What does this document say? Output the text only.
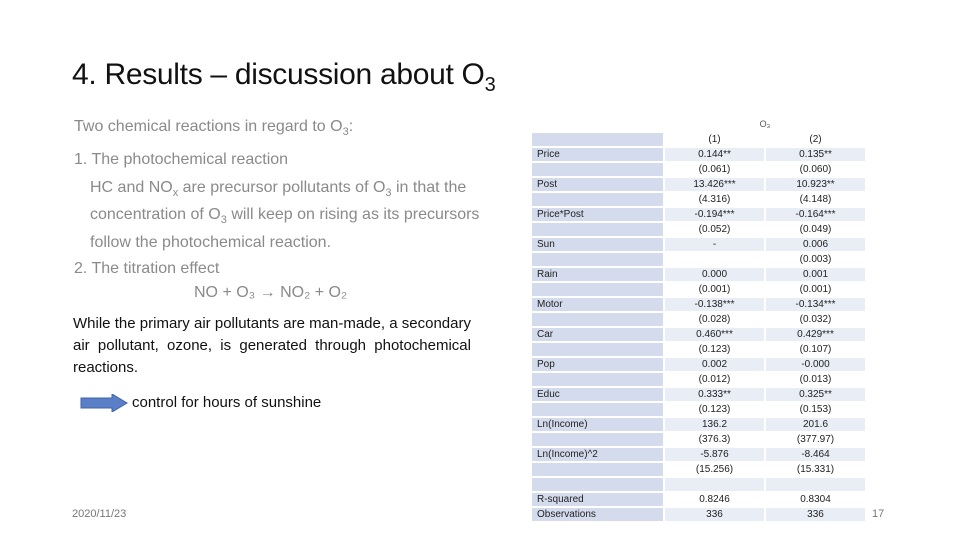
4. Results – discussion about $O_3$

Two chemical reactions in regard to $O_3$:

1. The photochemical reaction

HC and $NO_x$ are precursor pollutants of $O_3$ in that the concentration of $O_3$ will keep on rising as its precursors follow the photochemical reaction.

2. The titration effect

NO + O₃ → NO₂ + O₂

While the primary air pollutants are man-made, a secondary air pollutant, ozone, is generated through photochemical reactions.
control for hours of sunshine
2020/11/23	17
	O₃	
	(1)	(2)
Price	0.144**	0.135**
	(0.061)	(0.060)
Post	13.426***	10.923**
	(4.316)	(4.148)
Price*Post	-0.194***	-0.164***
	(0.052)	(0.049)
Sun	-	0.006
		(0.003)
Rain	0.000	0.001
	(0.001)	(0.001)
Motor	-0.138***	-0.134***
	(0.028)	(0.032)
Car	0.460***	0.429***
	(0.123)	(0.107)
Pop	0.002	-0.000
	(0.012)	(0.013)
Educ	0.333**	0.325**
	(0.123)	(0.153)
Ln(Income)	136.2	201.6
	(376.3)	(377.97)
Ln(Income)^2	-5.876	-8.464
	(15.256)	(15.331)

R-squared	0.8246	0.8304
Observations	336	336
